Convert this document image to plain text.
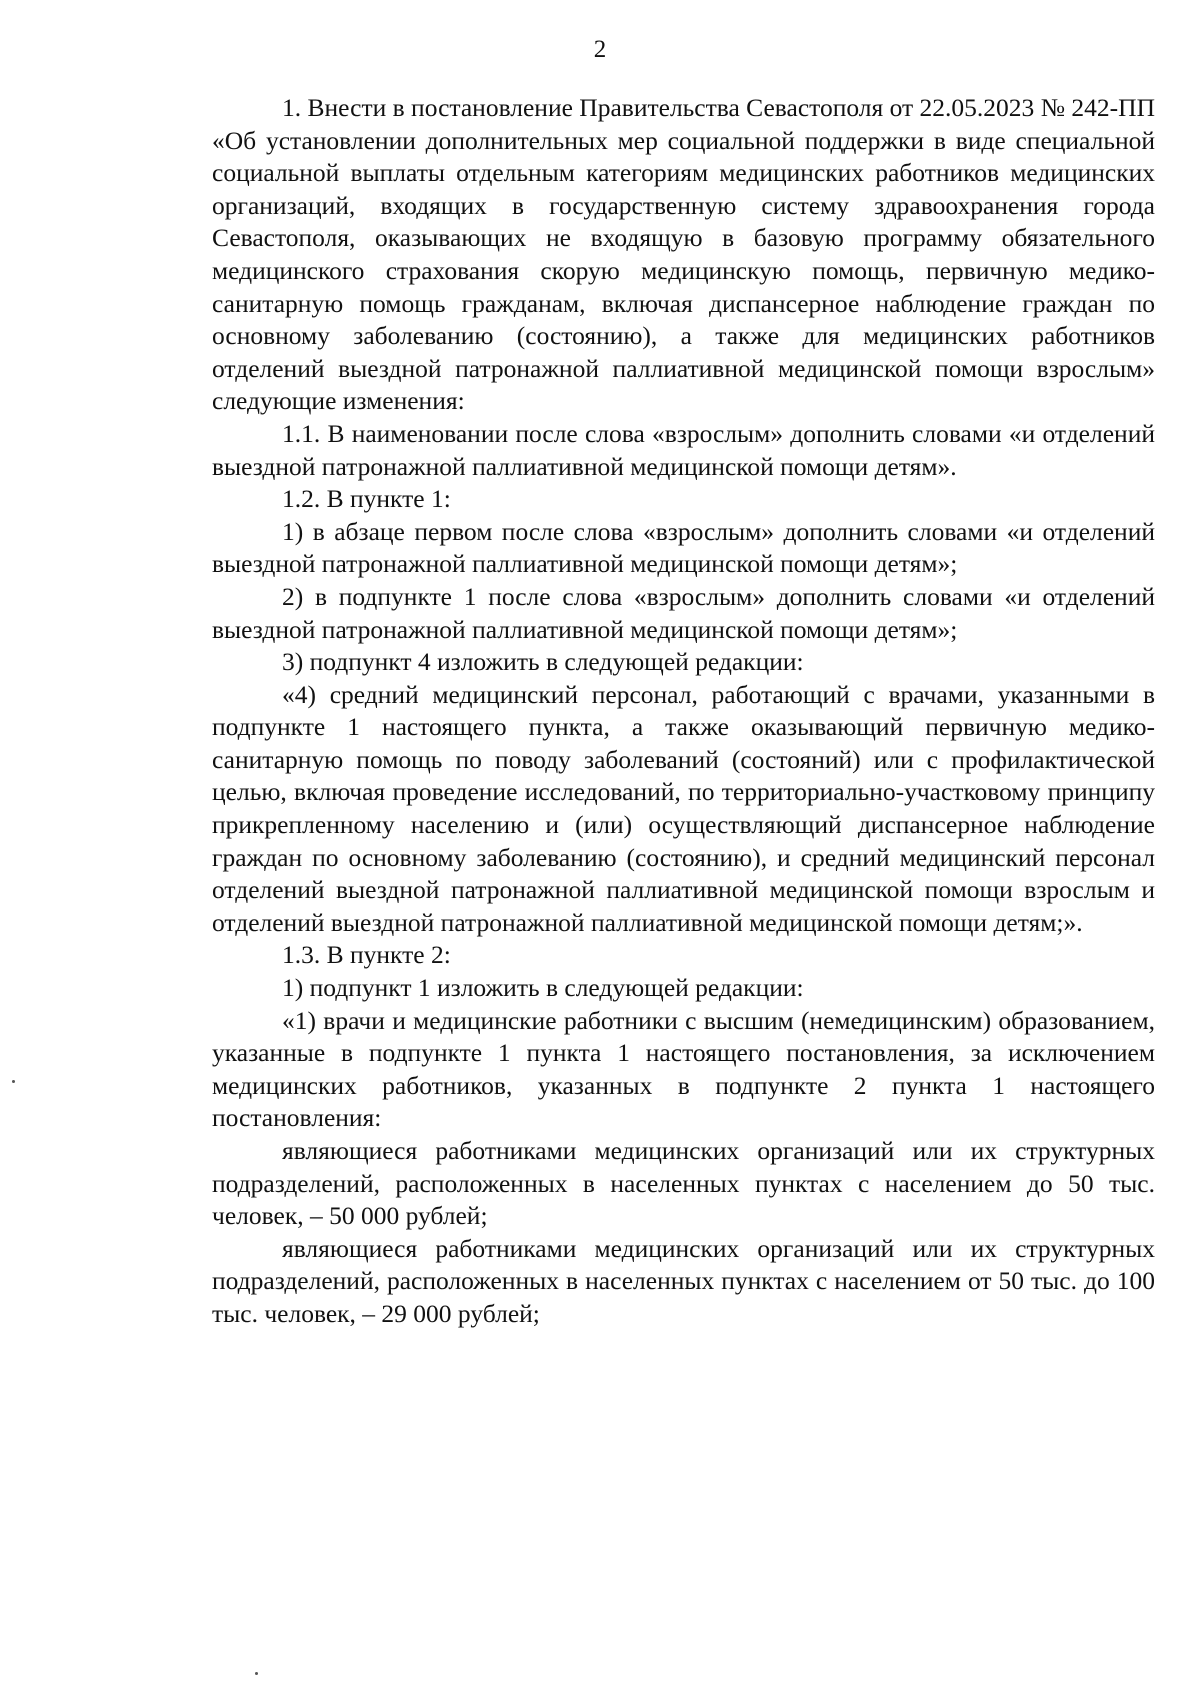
2

1. Внести в постановление Правительства Севастополя от 22.05.2023 № 242-ПП «Об установлении дополнительных мер социальной поддержки в виде специальной социальной выплаты отдельным категориям медицинских работников медицинских организаций, входящих в государственную систему здравоохранения города Севастополя, оказывающих не входящую в базовую программу обязательного медицинского страхования скорую медицинскую помощь, первичную медико-санитарную помощь гражданам, включая диспансерное наблюдение граждан по основному заболеванию (состоянию), а также для медицинских работников отделений выездной патронажной паллиативной медицинской помощи взрослым» следующие изменения:

1.1. В наименовании после слова «взрослым» дополнить словами «и отделений выездной патронажной паллиативной медицинской помощи детям».

1.2. В пункте 1:

1) в абзаце первом после слова «взрослым» дополнить словами «и отделений выездной патронажной паллиативной медицинской помощи детям»;

2) в подпункте 1 после слова «взрослым» дополнить словами «и отделений выездной патронажной паллиативной медицинской помощи детям»;

3) подпункт 4 изложить в следующей редакции:

«4) средний медицинский персонал, работающий с врачами, указанными в подпункте 1 настоящего пункта, а также оказывающий первичную медико-санитарную помощь по поводу заболеваний (состояний) или с профилактической целью, включая проведение исследований, по территориально-участковому принципу прикрепленному населению и (или) осуществляющий диспансерное наблюдение граждан по основному заболеванию (состоянию), и средний медицинский персонал отделений выездной патронажной паллиативной медицинской помощи взрослым и отделений выездной патронажной паллиативной медицинской помощи детям;».

1.3. В пункте 2:

1) подпункт 1 изложить в следующей редакции:

«1) врачи и медицинские работники с высшим (немедицинским) образованием, указанные в подпункте 1 пункта 1 настоящего постановления, за исключением медицинских работников, указанных в подпункте 2 пункта 1 настоящего постановления:

являющиеся работниками медицинских организаций или их структурных подразделений, расположенных в населенных пунктах с населением до 50 тыс. человек, – 50 000 рублей;

являющиеся работниками медицинских организаций или их структурных подразделений, расположенных в населенных пунктах с населением от 50 тыс. до 100 тыс. человек, – 29 000 рублей;
